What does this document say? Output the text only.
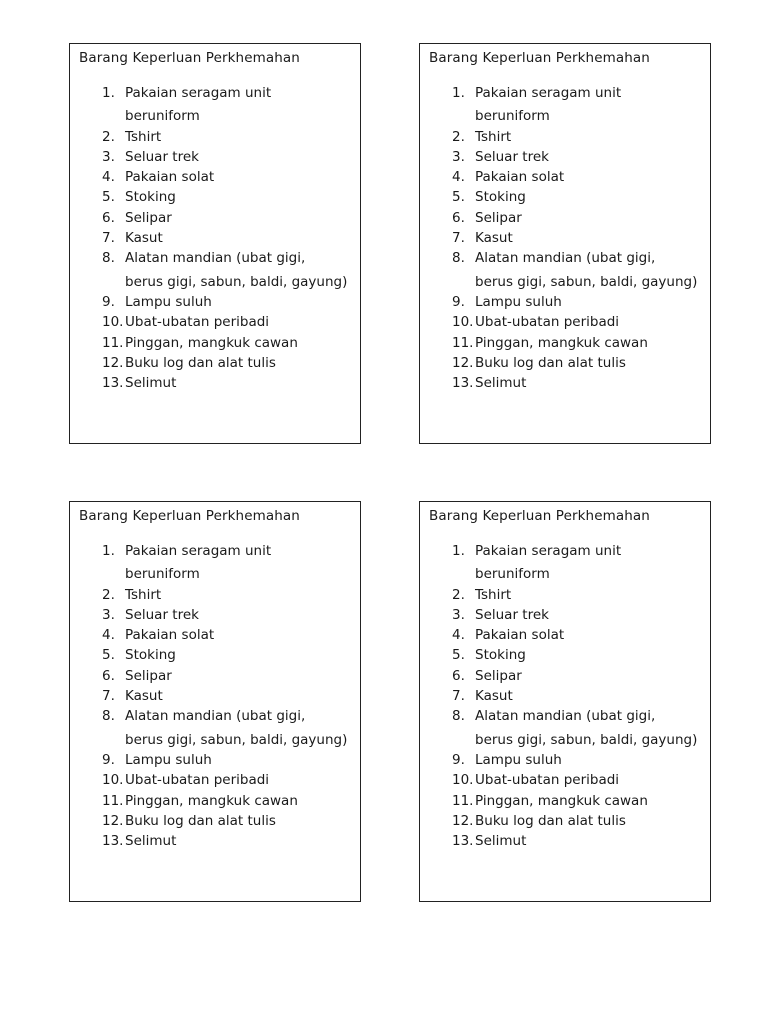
Barang Keperluan Perkhemahan
1. Pakaian seragam unit
beruniform
2. Tshirt
3. Seluar trek
4. Pakaian solat
5. Stoking
6. Selipar
7. Kasut
8. Alatan mandian (ubat gigi,
berus gigi, sabun, baldi, gayung)
9. Lampu suluh
10. Ubat-ubatan peribadi
11. Pinggan, mangkuk cawan
12. Buku log dan alat tulis
13. Selimut
Barang Keperluan Perkhemahan
1. Pakaian seragam unit
beruniform
2. Tshirt
3. Seluar trek
4. Pakaian solat
5. Stoking
6. Selipar
7. Kasut
8. Alatan mandian (ubat gigi,
berus gigi, sabun, baldi, gayung)
9. Lampu suluh
10. Ubat-ubatan peribadi
11. Pinggan, mangkuk cawan
12. Buku log dan alat tulis
13. Selimut
Barang Keperluan Perkhemahan
1. Pakaian seragam unit
beruniform
2. Tshirt
3. Seluar trek
4. Pakaian solat
5. Stoking
6. Selipar
7. Kasut
8. Alatan mandian (ubat gigi,
berus gigi, sabun, baldi, gayung)
9. Lampu suluh
10. Ubat-ubatan peribadi
11. Pinggan, mangkuk cawan
12. Buku log dan alat tulis
13. Selimut
Barang Keperluan Perkhemahan
1. Pakaian seragam unit
beruniform
2. Tshirt
3. Seluar trek
4. Pakaian solat
5. Stoking
6. Selipar
7. Kasut
8. Alatan mandian (ubat gigi,
berus gigi, sabun, baldi, gayung)
9. Lampu suluh
10. Ubat-ubatan peribadi
11. Pinggan, mangkuk cawan
12. Buku log dan alat tulis
13. Selimut
